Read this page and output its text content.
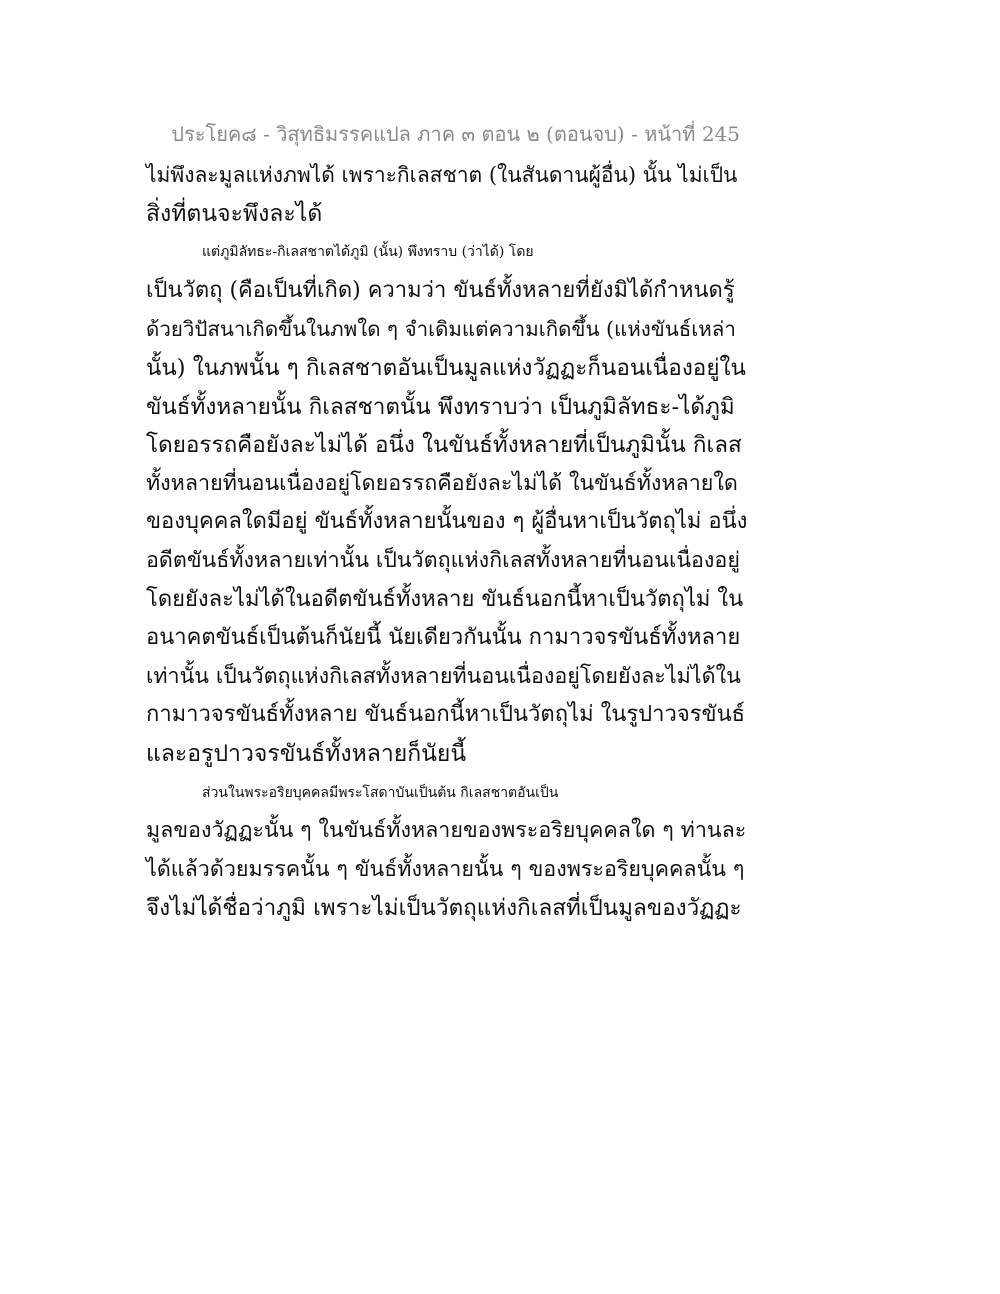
ประโยค๘ - วิสุทธิมรรคแปล ภาค ๓ ตอน ๒ (ตอนจบ) - หน้าที่ 245
ไม่พึงละมูลแห่งภพได้ เพราะกิเลสชาต (ในสันดานผู้อื่น) นั้น ไม่เป็น
สิ่งที่ตนจะพึงละได้
แต่ภูมิลัทธะ-กิเลสชาตได้ภูมิ (นั้น) พึงทราบ (ว่าได้) โดย
เป็นวัตถุ (คือเป็นที่เกิด) ความว่า ขันธ์ทั้งหลายที่ยังมิได้กำหนดรู้
ด้วยวิปัสนาเกิดขึ้นในภพใด ๆ จำเดิมแต่ความเกิดขึ้น (แห่งขันธ์เหล่า
นั้น) ในภพนั้น ๆ กิเลสชาตอันเป็นมูลแห่งวัฏฏะก็นอนเนื่องอยู่ใน
ขันธ์ทั้งหลายนั้น กิเลสชาตนั้น พึงทราบว่า เป็นภูมิลัทธะ-ได้ภูมิ
โดยอรรถคือยังละไม่ได้ อนึ่ง ในขันธ์ทั้งหลายที่เป็นภูมินั้น กิเลส
ทั้งหลายที่นอนเนื่องอยู่โดยอรรถคือยังละไม่ได้ ในขันธ์ทั้งหลายใด
ของบุคคลใดมีอยู่ ขันธ์ทั้งหลายนั้นของ ๆ ผู้อื่นหาเป็นวัตถุไม่ อนึ่ง
อดีตขันธ์ทั้งหลายเท่านั้น เป็นวัตถุแห่งกิเลสทั้งหลายที่นอนเนื่องอยู่
โดยยังละไม่ได้ในอดีตขันธ์ทั้งหลาย ขันธ์นอกนี้หาเป็นวัตถุไม่ ใน
อนาคตขันธ์เป็นต้นก็นัยนี้ นัยเดียวกันนั้น กามาวจรขันธ์ทั้งหลาย
เท่านั้น เป็นวัตถุแห่งกิเลสทั้งหลายที่นอนเนื่องอยู่โดยยังละไม่ได้ใน
กามาวจรขันธ์ทั้งหลาย ขันธ์นอกนี้หาเป็นวัตถุไม่ ในรูปาวจรขันธ์
และอรูปาวจรขันธ์ทั้งหลายก็นัยนี้
ส่วนในพระอริยบุคคลมีพระโสดาบันเป็นต้น กิเลสชาตอันเป็น
มูลของวัฏฏะนั้น ๆ ในขันธ์ทั้งหลายของพระอริยบุคคลใด ๆ ท่านละ
ได้แล้วด้วยมรรคนั้น ๆ ขันธ์ทั้งหลายนั้น ๆ ของพระอริยบุคคลนั้น ๆ
จึงไม่ได้ชื่อว่าภูมิ เพราะไม่เป็นวัตถุแห่งกิเลสที่เป็นมูลของวัฏฏะ
